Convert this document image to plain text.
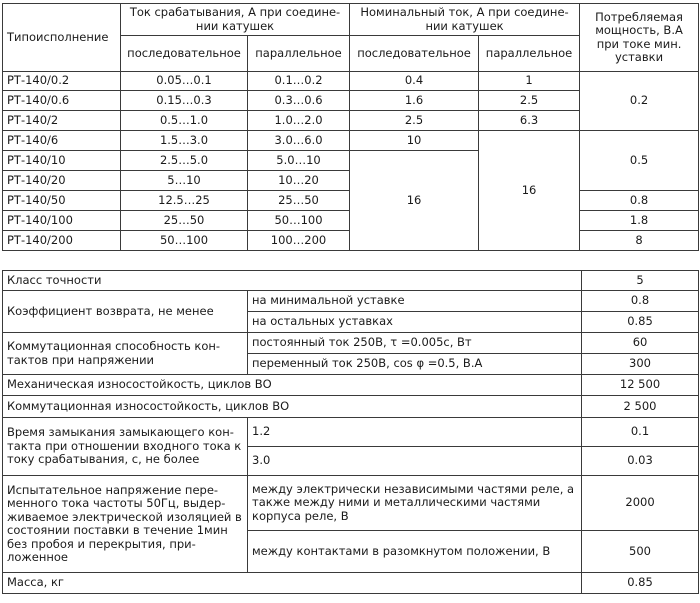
Типоисполнение	Ток срабатывания, А при соедине-нии катушек		Номинальный ток, А при соедине-нии катушек		Потребляемая мощность, В.А при токе мин. уставки
	последовательное	параллельное	последовательное	параллельное	
РТ-140/0.2	0.05…0.1	0.1…0.2	0.4	1	0.2
РТ-140/0.6	0.15…0.3	0.3…0.6	1.6	2.5	
РТ-140/2	0.5…1.0	1.0…2.0	2.5	6.3	
РТ-140/6	1.5…3.0	3.0…6.0	10	16	0.5
РТ-140/10	2.5…5.0	5.0…10	16		
РТ-140/20	5…10	10…20			
РТ-140/50	12.5…25	25…50			0.8
РТ-140/100	25…50	50…100			1.8
РТ-140/200	50…100	100…200			8
Класс точности		5
Коэффициент возврата, не менее	на минимальной уставке	0.8
	на остальных уставках	0.85
Коммутационная способность кон-тактов при напряжении	постоянный ток 250В, τ =0.005с, Вт	60
	переменный ток 250В, cos φ =0.5, В.А	300
Механическая износостойкость, циклов ВО		12 500
Коммутационная износостойкость, циклов ВО		2 500
Время замыкания замыкающего кон-такта при отношении входного тока к току срабатывания, с, не более	1.2	0.1
	3.0	0.03
Испытательное напряжение пере-менного тока частоты 50Гц, выдер-живаемое электрической изоляцией в состоянии поставки в течение 1мин без пробоя и перекрытия, при-ложенное	между электрически независимыми частями реле, а также между ними и металлическими частями корпуса реле, В	2000
	между контактами в разомкнутом положении, В	500
Масса, кг		0.85
